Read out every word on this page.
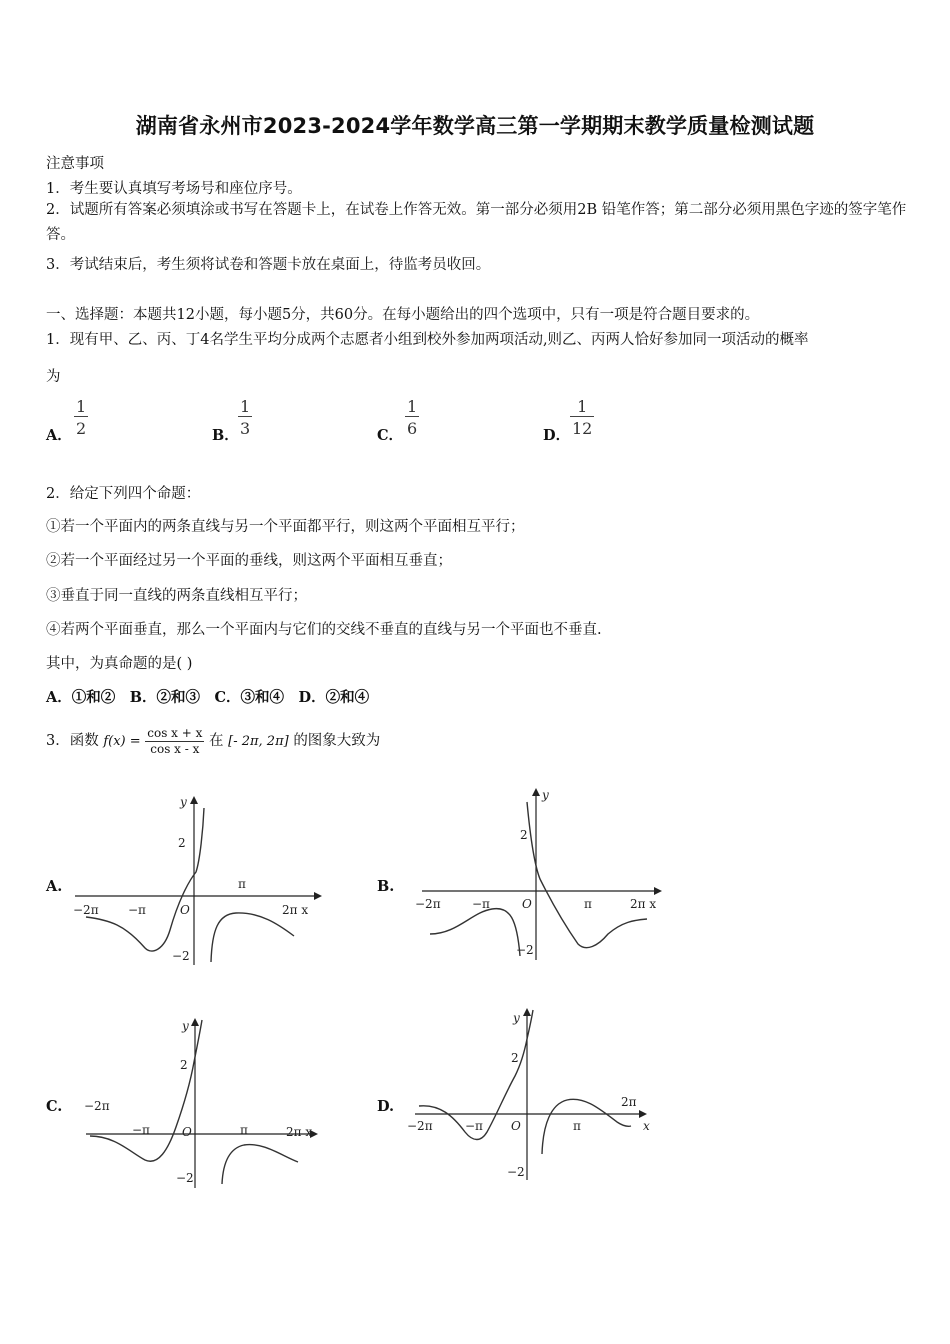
湖南省永州市2023-2024学年数学高三第一学期期末教学质量检测试题
注意事项
1．考生要认真填写考场号和座位序号。
2．试题所有答案必须填涂或书写在答题卡上，在试卷上作答无效。第一部分必须用2B 铅笔作答；第二部分必须用黑色字迹的签字笔作答。
3．考试结束后，考生须将试卷和答题卡放在桌面上，待监考员收回。
一、选择题：本题共12小题，每小题5分，共60分。在每小题给出的四个选项中，只有一项是符合题目要求的。
1．现有甲、乙、丙、丁4名学生平均分成两个志愿者小组到校外参加两项活动,则乙、丙两人恰好参加同一项活动的概率
为
A． $\frac{1}{2}$	B． $\frac{1}{3}$	C． $\frac{1}{6}$	D． $\frac{1}{12}$
2．给定下列四个命题：
①若一个平面内的两条直线与另一个平面都平行，则这两个平面相互平行；
②若一个平面经过另一个平面的垂线，则这两个平面相互垂直；
③垂直于同一直线的两条直线相互平行；
④若两个平面垂直，那么一个平面内与它们的交线不垂直的直线与另一个平面也不垂直.
其中，为真命题的是( )
A．①和②　B．②和③　C．③和④　D．②和④
3．函数 $f(x) = \frac{\text{cos x + x}}{\text{cos x - x}}$ 在 [- 2π, 2π] 的图象大致为
A.
y
2
−2
−2π −π	O
π
2π x
B.
y
2
−2
−2π	−π	O	π	2π x
C.
y
2
−2
−2π
−π	O	π	2π x
D.
y
2
−2
−2π	−π O	π
2π
x
